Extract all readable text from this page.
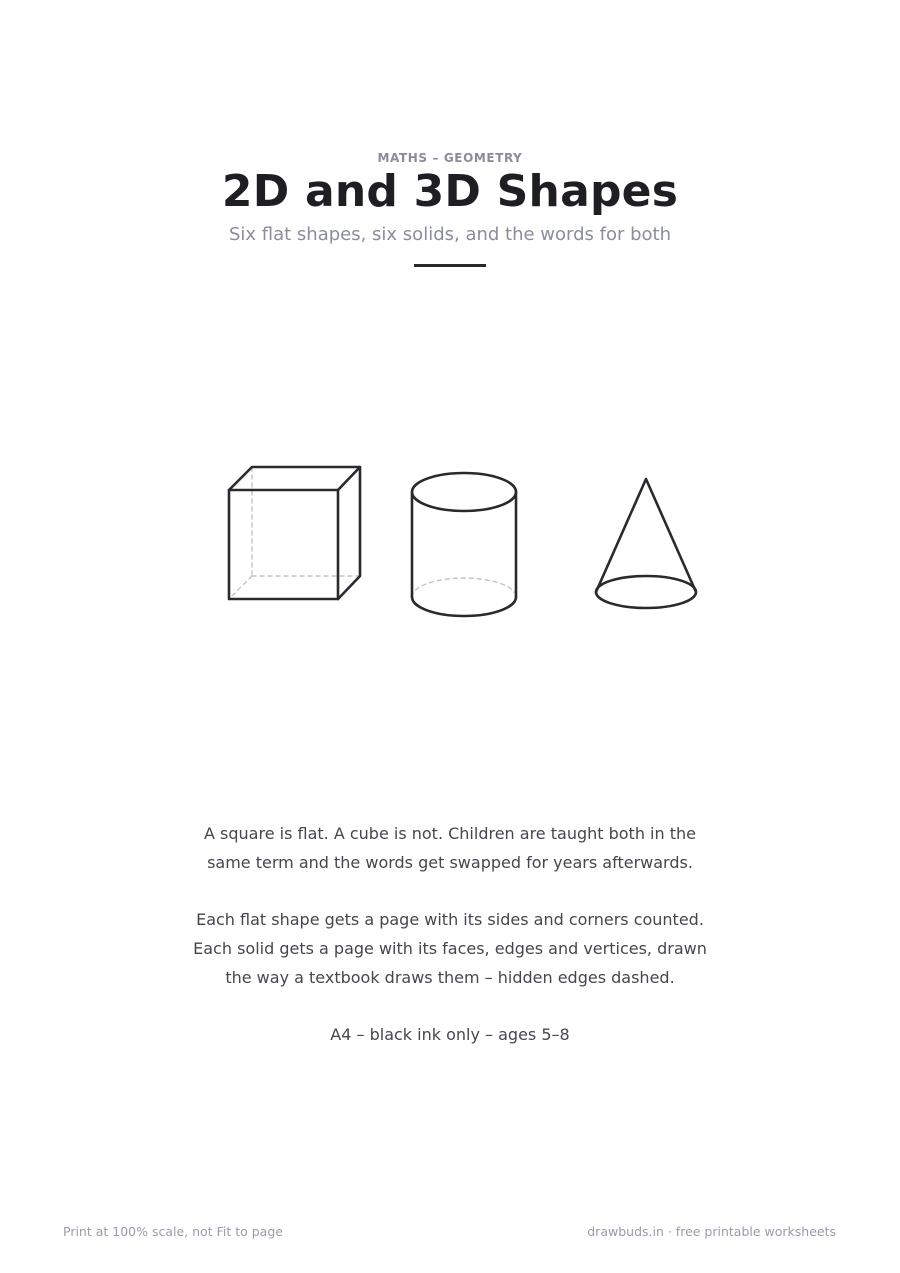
MATHS – GEOMETRY
2D and 3D Shapes
Six flat shapes, six solids, and the words for both
A square is flat. A cube is not. Children are taught both in the
same term and the words get swapped for years afterwards.
Each flat shape gets a page with its sides and corners counted.
Each solid gets a page with its faces, edges and vertices, drawn
the way a textbook draws them – hidden edges dashed.
A4 – black ink only – ages 5–8
Print at 100% scale, not Fit to page	drawbuds.in · free printable worksheets
